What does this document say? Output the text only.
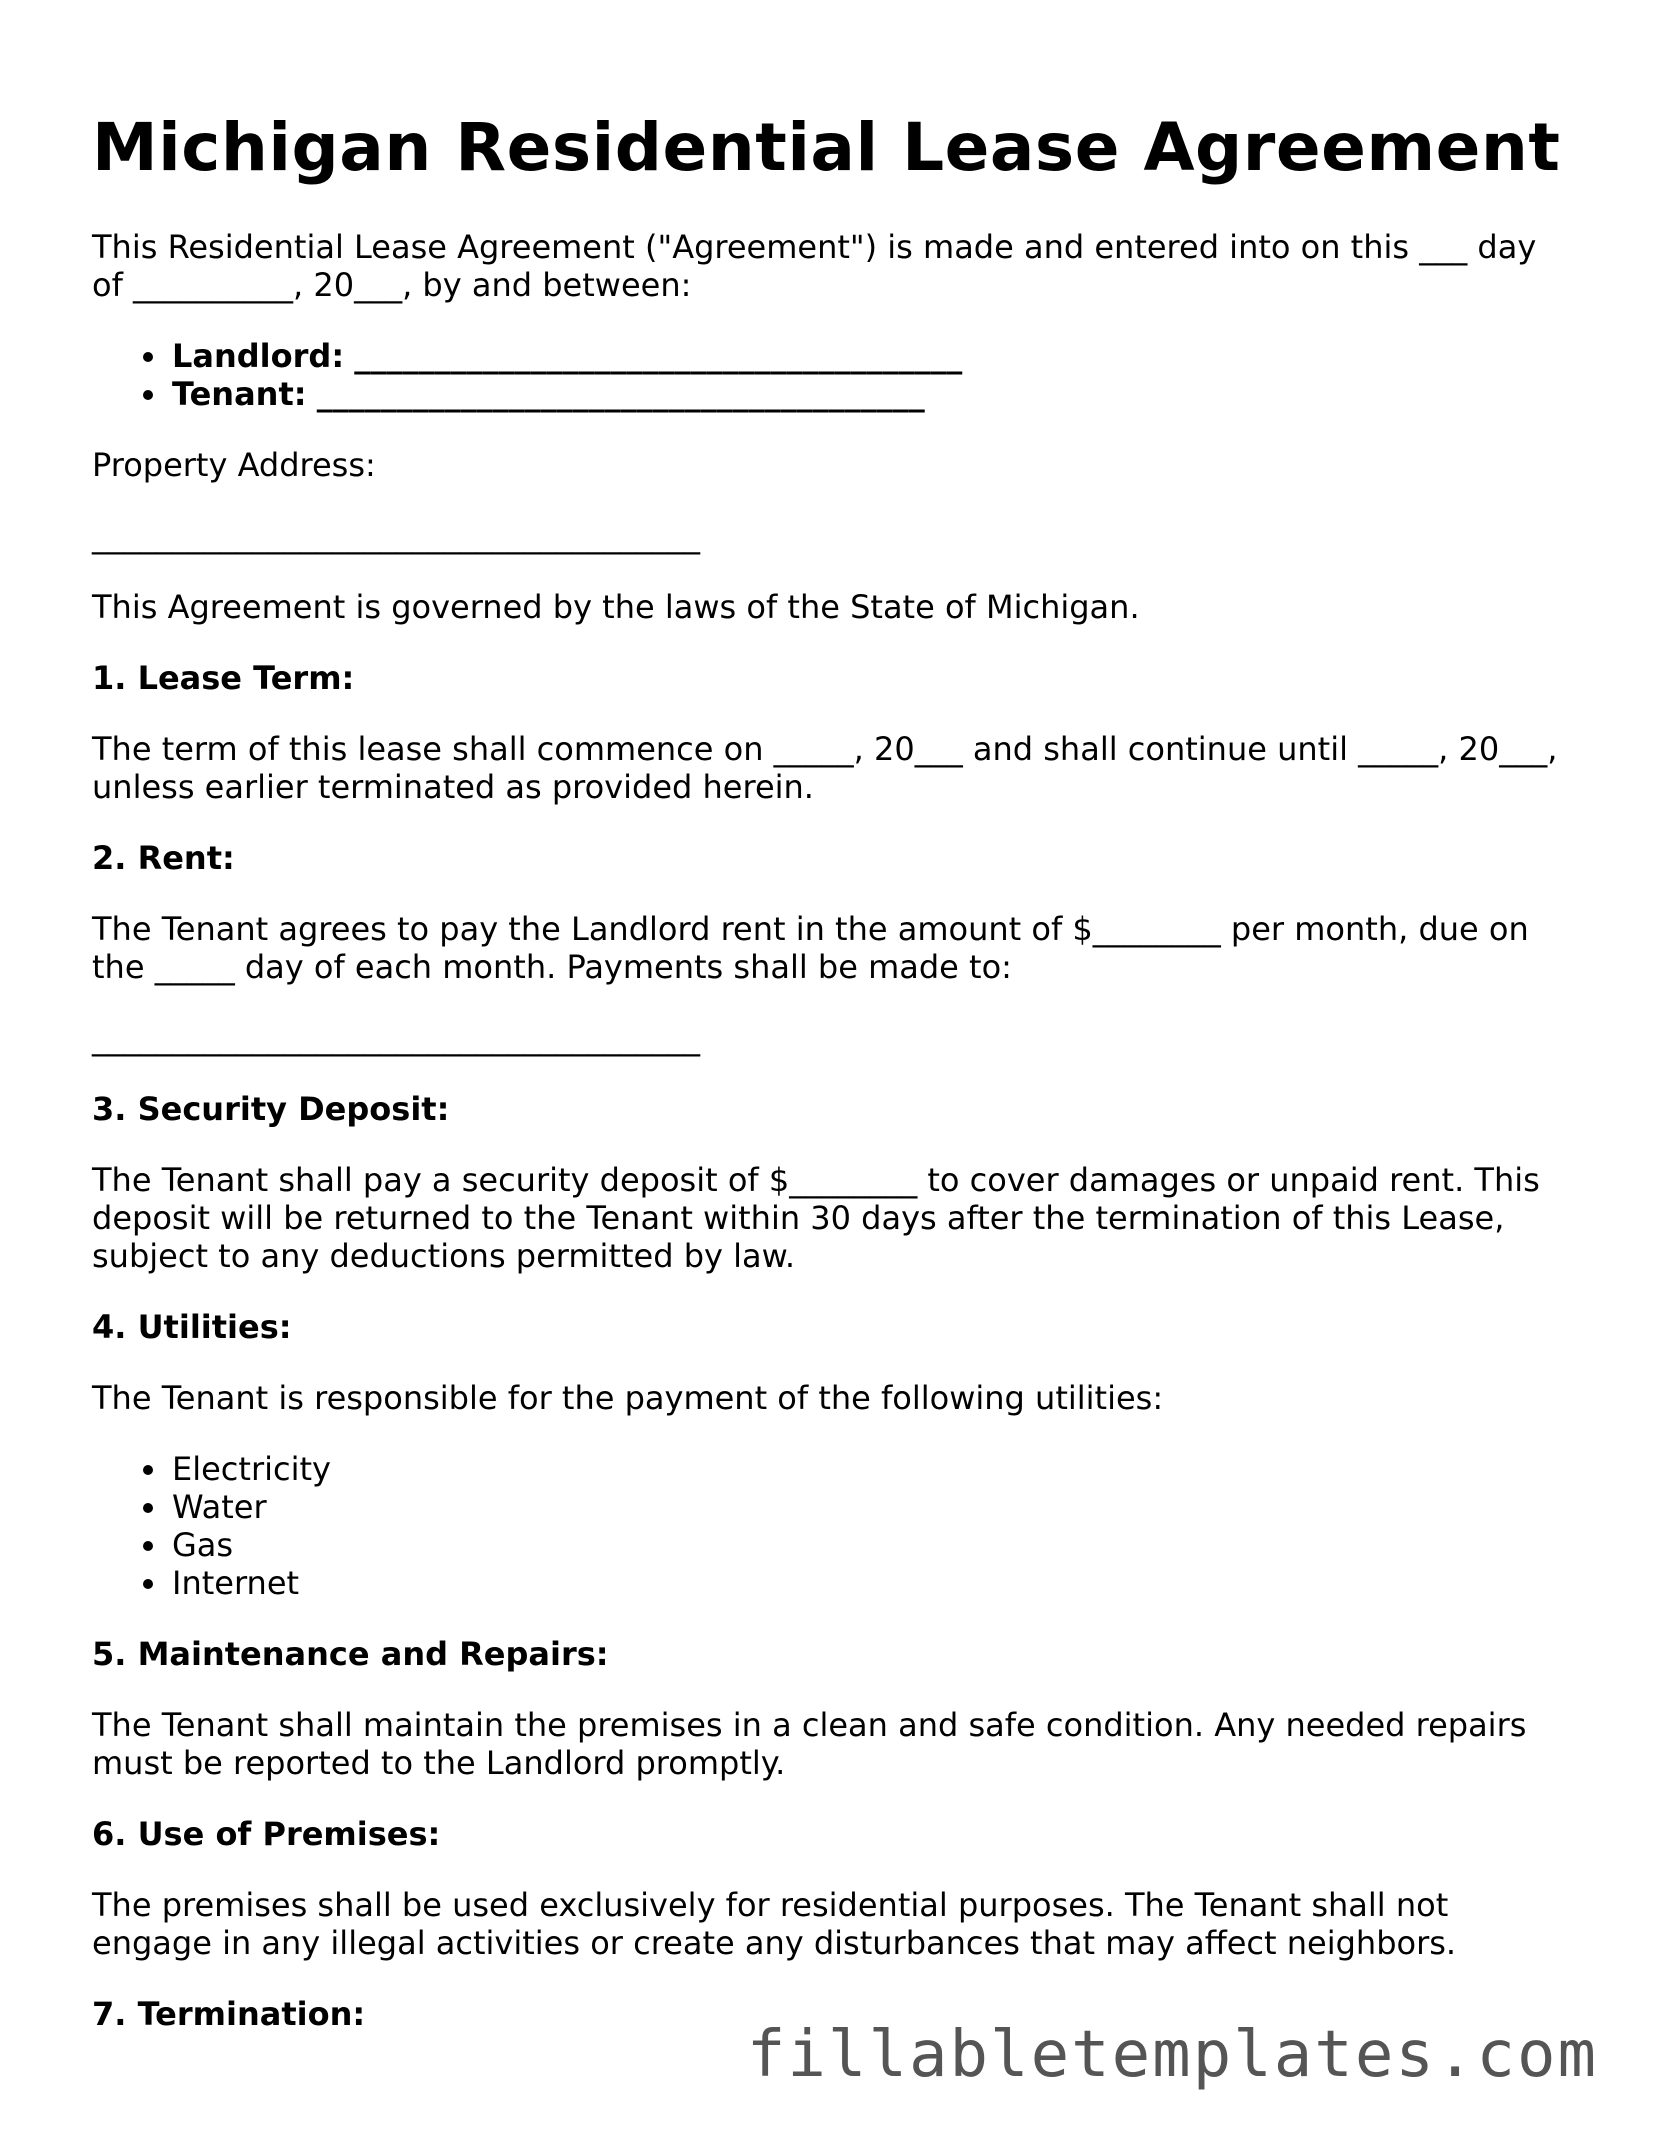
Michigan Residential Lease Agreement

This Residential Lease Agreement ("Agreement") is made and entered into on this ___ day of __________, 20___, by and between:

Landlord: ______________________________________
Tenant: ______________________________________

Property Address:

______________________________________

This Agreement is governed by the laws of the State of Michigan.

1. Lease Term:

The term of this lease shall commence on _____, 20___ and shall continue until _____, 20___, unless earlier terminated as provided herein.

2. Rent:

The Tenant agrees to pay the Landlord rent in the amount of $________ per month, due on the _____ day of each month. Payments shall be made to:

______________________________________
3. Security Deposit:

The Tenant shall pay a security deposit of $________ to cover damages or unpaid rent. This deposit will be returned to the Tenant within 30 days after the termination of this Lease, subject to any deductions permitted by law.

4. Utilities:

The Tenant is responsible for the payment of the following utilities:

Electricity
Water
Gas
Internet
5. Maintenance and Repairs:

The Tenant shall maintain the premises in a clean and safe condition. Any needed repairs must be reported to the Landlord promptly.

6. Use of Premises:

The premises shall be used exclusively for residential purposes. The Tenant shall not engage in any illegal activities or create any disturbances that may affect neighbors.

7. Termination:
fillabletemplates.com
